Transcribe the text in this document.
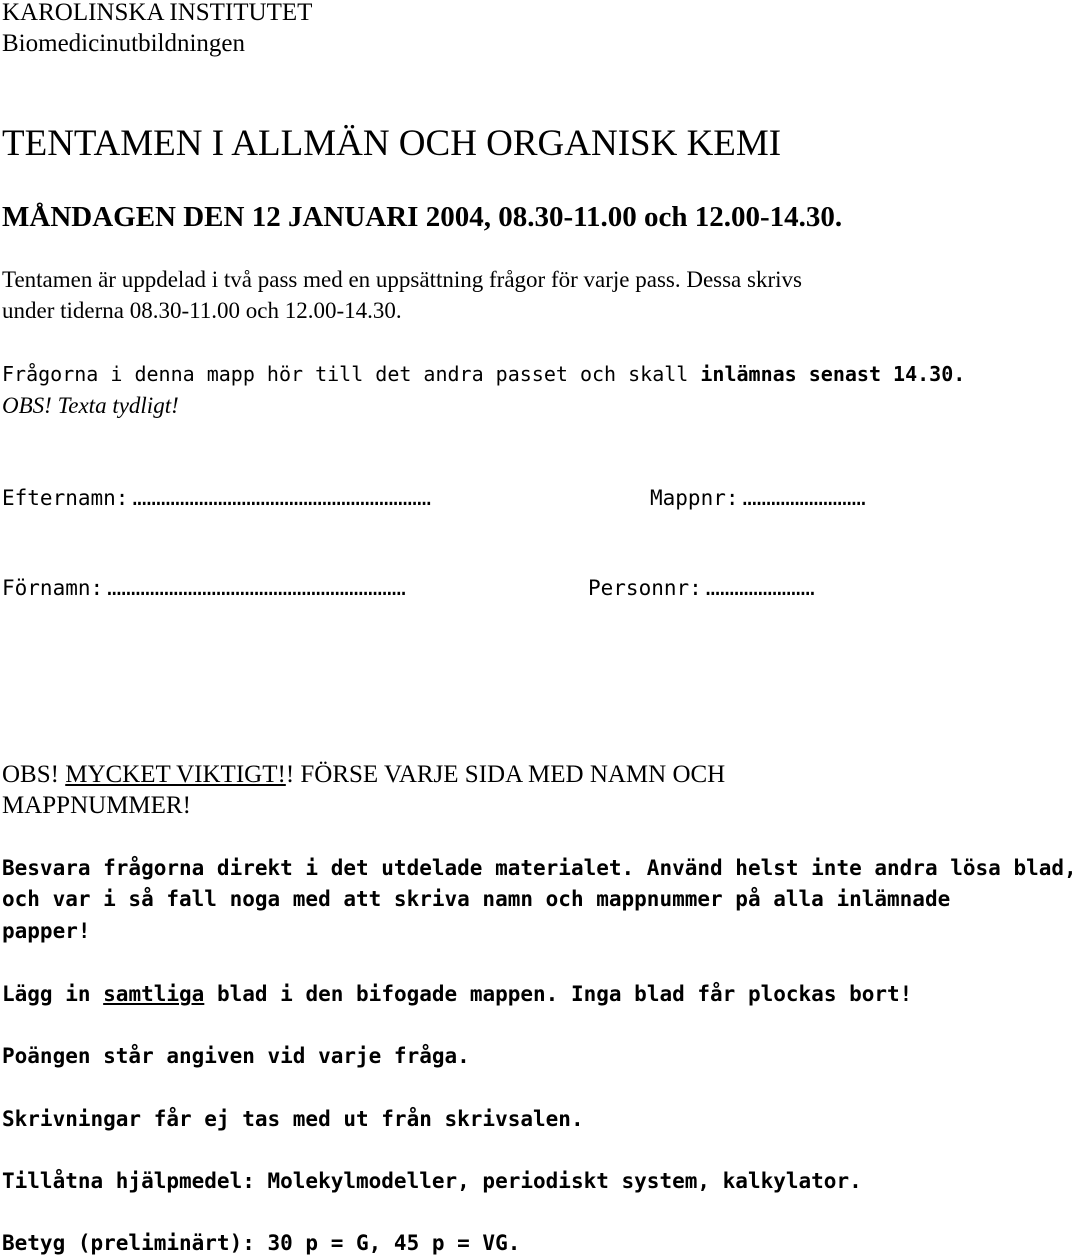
KAROLINSKA INSTITUTET
Biomedicinutbildningen
TENTAMEN I ALLMÄN OCH ORGANISK KEMI
MÅNDAGEN DEN 12 JANUARI 2004, 08.30-11.00 och 12.00-14.30.
Tentamen är uppdelad i två pass med en uppsättning frågor för varje pass. Dessa skrivs
under tiderna 08.30-11.00 och 12.00-14.30.
Frågorna i denna mapp hör till det andra passet och skall inlämnas senast 14.30.
OBS! Texta tydligt!
Efternamn:...............................................................	Mappnr:..........................
Förnamn:...............................................................	Personnr:.......................
OBS! MYCKET VIKTIGT!! FÖRSE VARJE SIDA MED NAMN OCH
MAPPNUMMER!
Besvara frågorna direkt i det utdelade materialet. Använd helst inte andra lösa blad,
och var i så fall noga med att skriva namn och mappnummer på alla inlämnade
papper!
Lägg in samtliga blad i den bifogade mappen. Inga blad får plockas bort!
Poängen står angiven vid varje fråga.
Skrivningar får ej tas med ut från skrivsalen.
Tillåtna hjälpmedel: Molekylmodeller, periodiskt system, kalkylator.
Betyg (preliminärt): 30 p = G, 45 p = VG.
